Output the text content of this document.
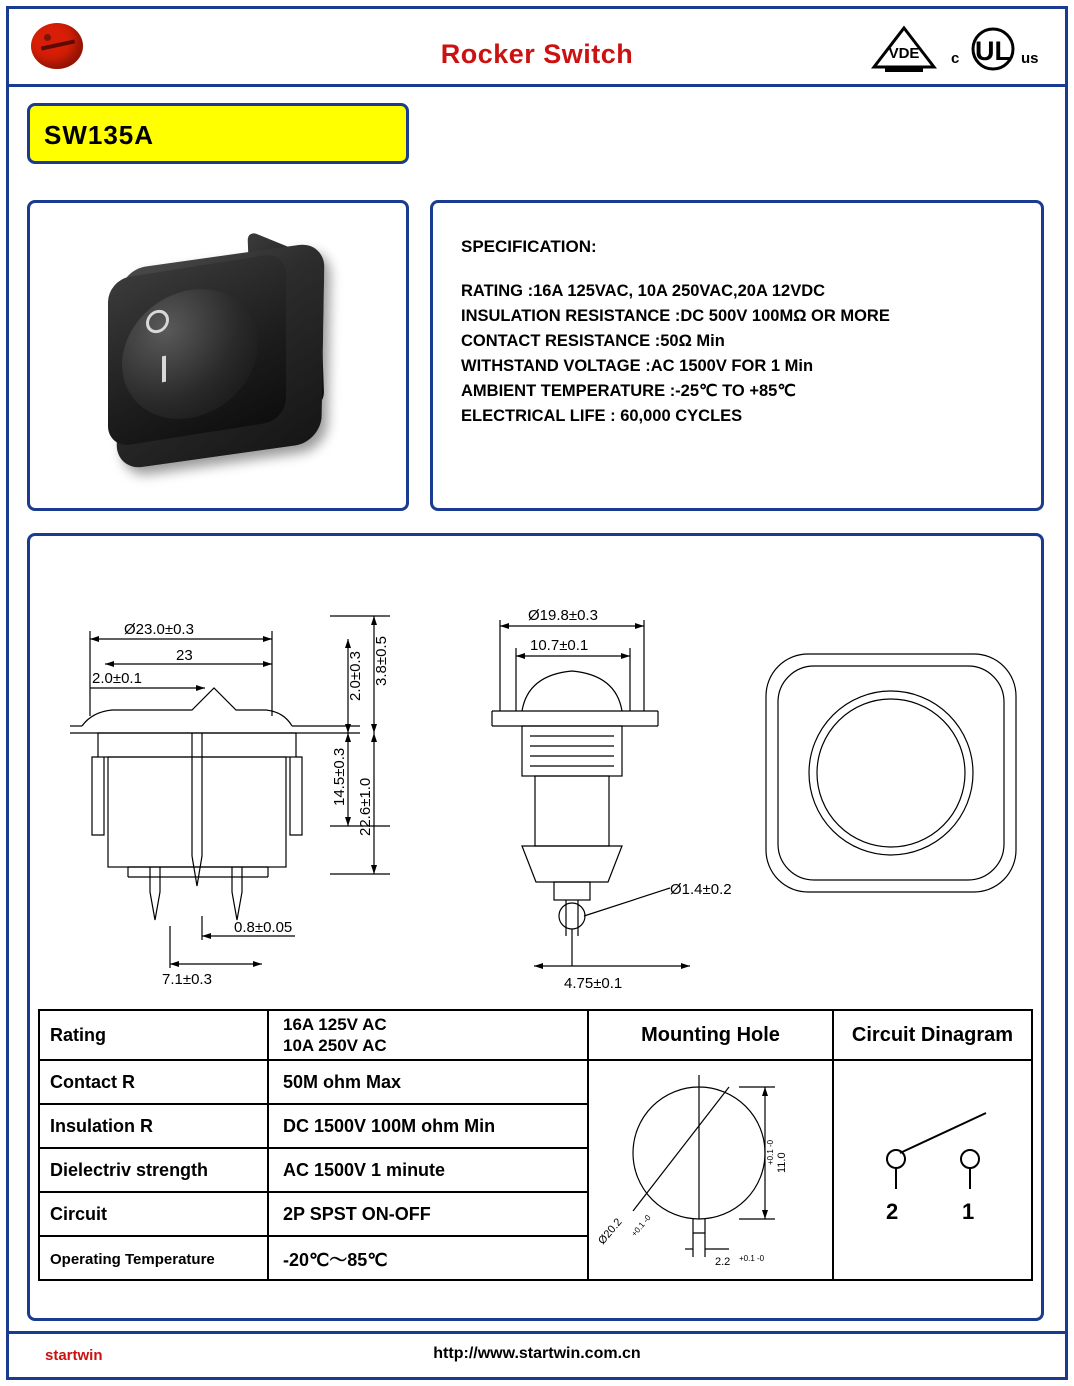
Rocker Switch	VDE c UL us
SW135A
SPECIFICATION:
RATING :16A 125VAC, 10A 250VAC,20A 12VDC
INSULATION RESISTANCE :DC 500V 100MΩ OR MORE
CONTACT RESISTANCE :50Ω Min
WITHSTAND VOLTAGE :AC 1500V FOR 1 Min
AMBIENT TEMPERATURE :-25℃ TO +85℃
ELECTRICAL LIFE : 60,000 CYCLES
Ø23.0±0.3
23
2.0±0.1	2.0±0.3 3.8±0.5
14.5±0.3
22.6±1.0
0.8±0.05
7.1±0.3
Ø19.8±0.3
10.7±0.1
Ø1.4±0.2
4.75±0.1
Rating	16A 125V AC
10A 250V AC
Contact R	50M ohm Max
Insulation R	DC 1500V 100M ohm Min
Dielectriv strength	AC 1500V 1 minute
Circuit	2P SPST ON-OFF
Operating Temperature	-20℃～85℃
Mounting Hole
Ø20.2 +0.1 -0
11.0
+0.1 -0
2.2 +0.1 -0
Circuit Dinagram
2	1
startwin	http://www.startwin.com.cn
